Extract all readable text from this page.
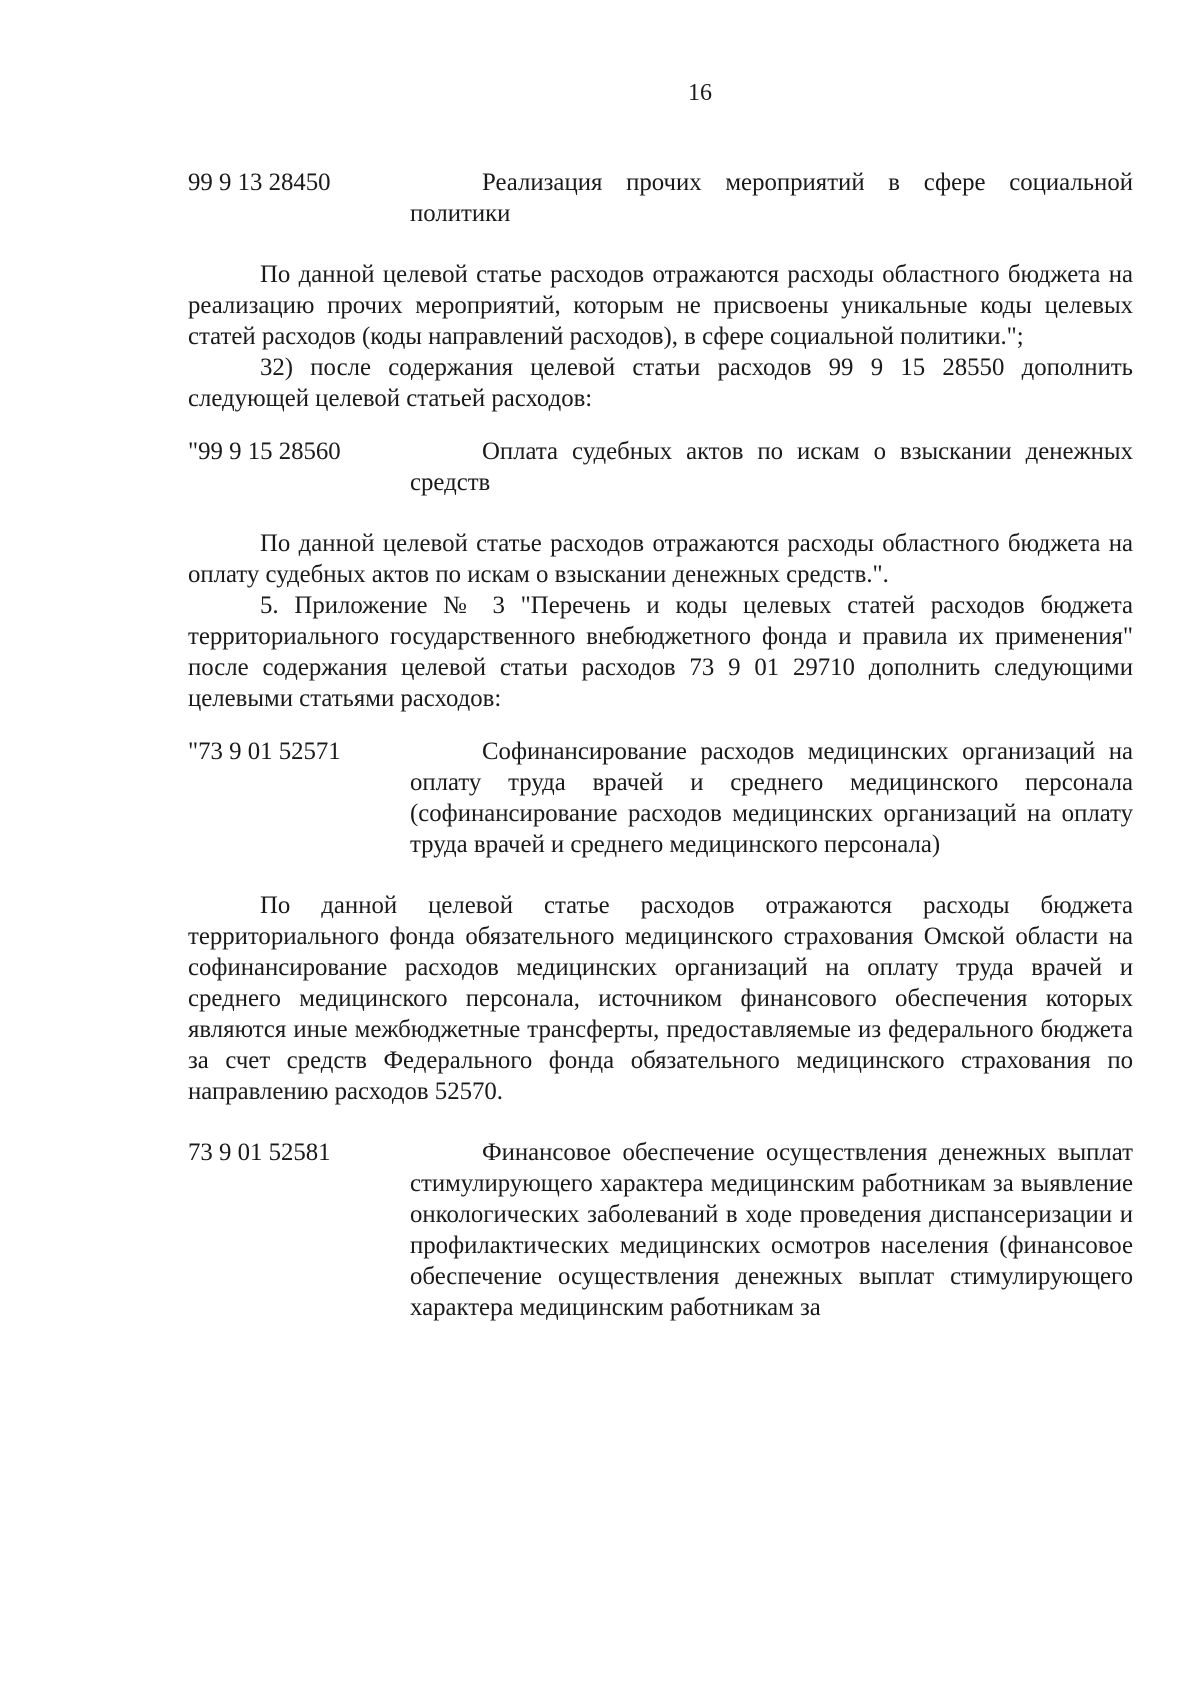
16
99 9 13 28450	Реализация прочих мероприятий в сфере социальной политики

По данной целевой статье расходов отражаются расходы областного бюджета на реализацию прочих мероприятий, которым не присвоены уникальные коды целевых статей расходов (коды направлений расходов), в сфере социальной политики.";

32) после содержания целевой статьи расходов 99 9 15 28550 дополнить следующей целевой статьей расходов:

"99 9 15 28560	Оплата судебных актов по искам о взыскании денежных средств

По данной целевой статье расходов отражаются расходы областного бюджета на оплату судебных актов по искам о взыскании денежных средств.".

5. Приложение № 3 "Перечень и коды целевых статей расходов бюджета территориального государственного внебюджетного фонда и правила их применения" после содержания целевой статьи расходов 73 9 01 29710 дополнить следующими целевыми статьями расходов:

"73 9 01 52571	Софинансирование расходов медицинских организаций на оплату труда врачей и среднего медицинского персонала (софинансирование расходов медицинских организаций на оплату труда врачей и среднего медицинского персонала)

По данной целевой статье расходов отражаются расходы бюджета территориального фонда обязательного медицинского страхования Омской области на софинансирование расходов медицинских организаций на оплату труда врачей и среднего медицинского персонала, источником финансового обеспечения которых являются иные межбюджетные трансферты, предоставляемые из федерального бюджета за счет средств Федерального фонда обязательного медицинского страхования по направлению расходов 52570.

73 9 01 52581	Финансовое обеспечение осуществления денежных выплат стимулирующего характера медицинским работникам за выявление онкологических заболеваний в ходе проведения диспансеризации и профилактических медицинских осмотров населения (финансовое обеспечение осуществления денежных выплат стимулирующего характера медицинским работникам за
